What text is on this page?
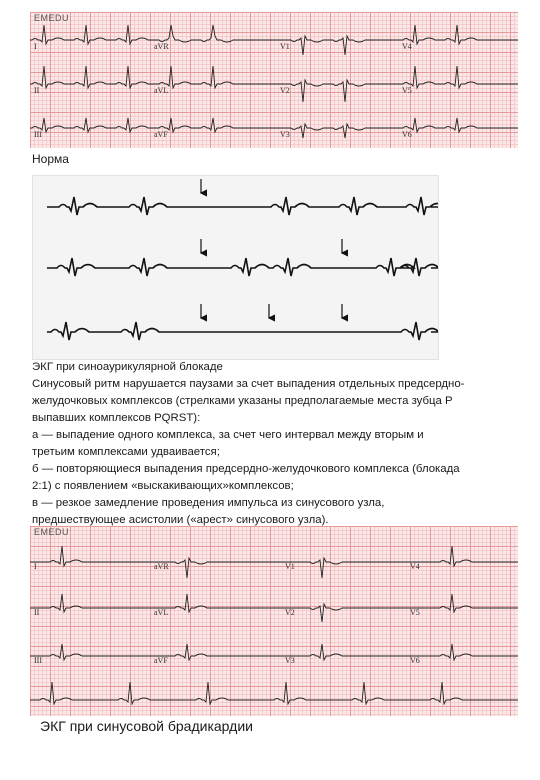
EMEDU
I	aVR	V1	V4
II	aVL	V2	V5
III	aVF	V3	V6
Норма
ЭКГ при синоаурикулярной блокаде
Синусовый ритм нарушается паузами за счет выпадения отдельных предсердно-
желудочковых комплексов (стрелками указаны предполагаемые места зубца P
выпавших комплексов PQRST):
а — выпадение одного комплекса, за счет чего интервал между вторым и
третьим комплексами удваивается;
б — повторяющиеся выпадения предсердно-желудочкового комплекса (блокада
2:1) с появлением «выскакивающих»комплексов;
в — резкое замедление проведения импульса из синусового узла,
предшествующее асистолии («арест» синусового узла).
EMEDU
I	aVR	V1	V4
II	aVL	V2	V5
III	aVF	V3	V6
ЭКГ при синусовой брадикардии
